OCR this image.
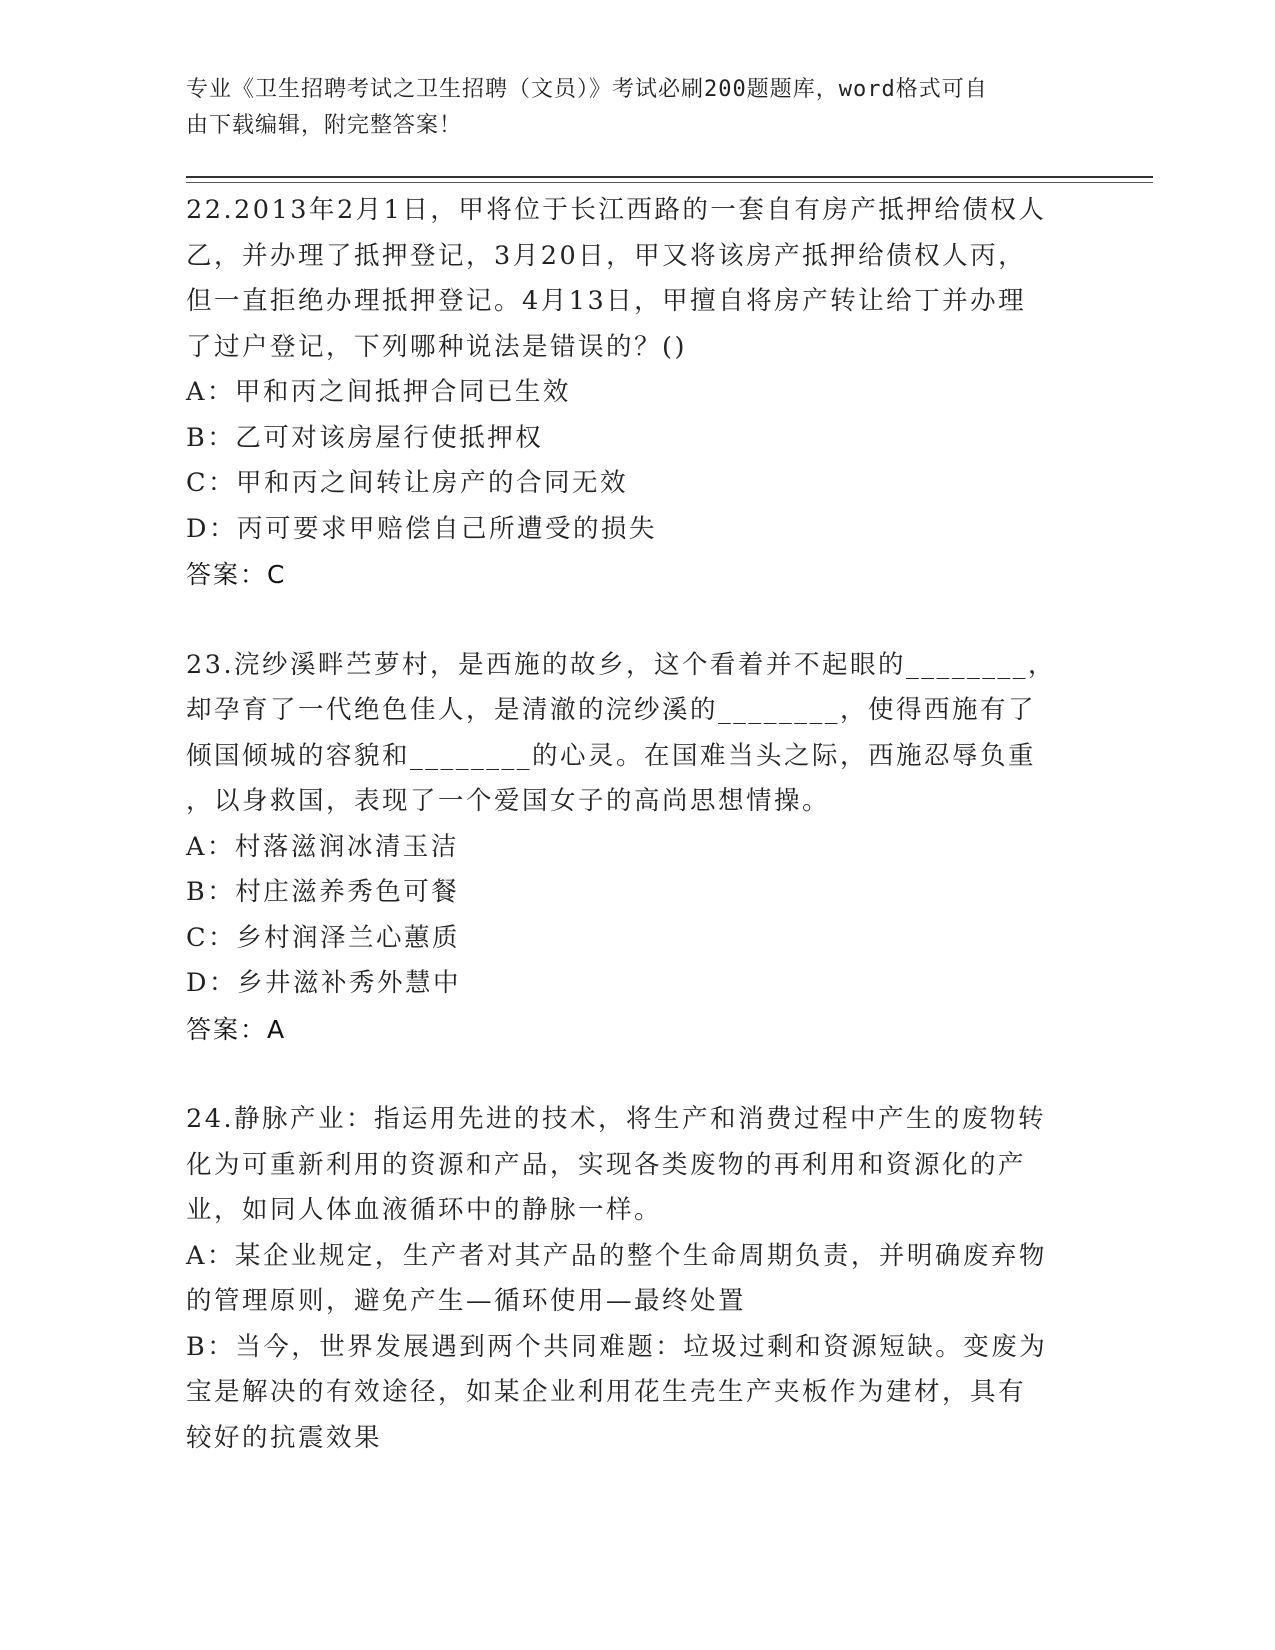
专业《卫生招聘考试之卫生招聘（文员）》考试必刷200题题库，word格式可自
由下载编辑，附完整答案！
22.2013年2月1日，甲将位于长江西路的一套自有房产抵押给债权人
乙，并办理了抵押登记，3月20日，甲又将该房产抵押给债权人丙，
但一直拒绝办理抵押登记。4月13日，甲擅自将房产转让给丁并办理
了过户登记，下列哪种说法是错误的？()
A：甲和丙之间抵押合同已生效
B：乙可对该房屋行使抵押权
C：甲和丙之间转让房产的合同无效
D：丙可要求甲赔偿自己所遭受的损失
答案：C
23.浣纱溪畔苎萝村，是西施的故乡，这个看着并不起眼的________，
却孕育了一代绝色佳人，是清澈的浣纱溪的________，使得西施有了
倾国倾城的容貌和________的心灵。在国难当头之际，西施忍辱负重
，以身救国，表现了一个爱国女子的高尚思想情操。
A：村落滋润冰清玉洁
B：村庄滋养秀色可餐
C：乡村润泽兰心蕙质
D：乡井滋补秀外慧中
答案：A
24.静脉产业：指运用先进的技术，将生产和消费过程中产生的废物转
化为可重新利用的资源和产品，实现各类废物的再利用和资源化的产
业，如同人体血液循环中的静脉一样。
A：某企业规定，生产者对其产品的整个生命周期负责，并明确废弃物
的管理原则，避免产生—循环使用—最终处置
B：当今，世界发展遇到两个共同难题：垃圾过剩和资源短缺。变废为
宝是解决的有效途径，如某企业利用花生壳生产夹板作为建材，具有
较好的抗震效果
